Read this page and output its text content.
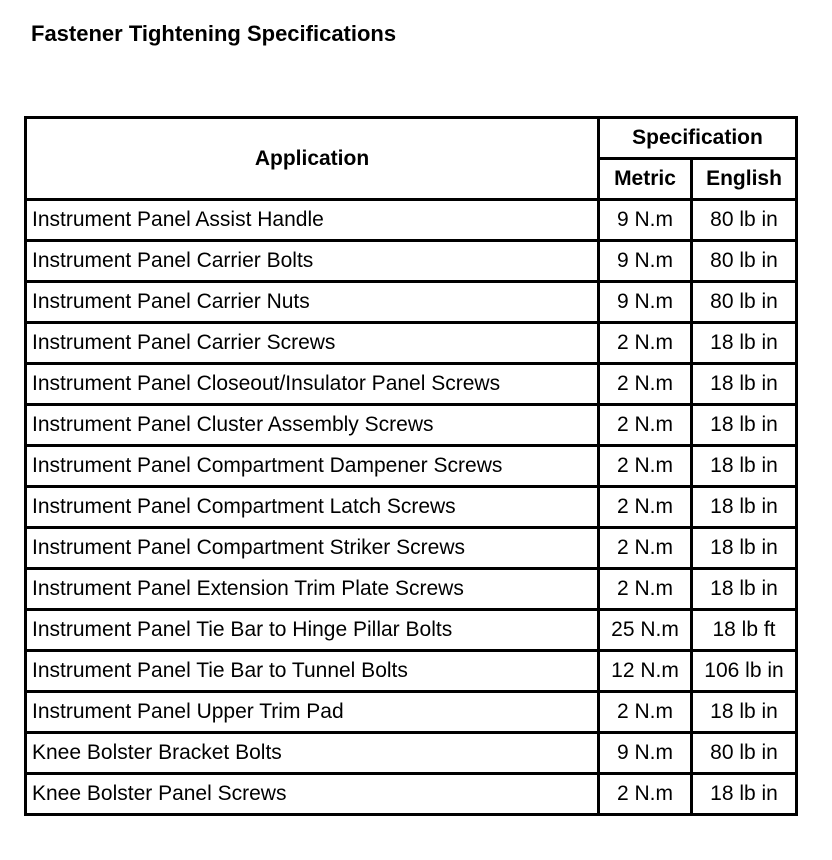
Fastener Tightening Specifications
Application	Specification	
	Metric	English
Instrument Panel Assist Handle	9 N.m	80 lb in
Instrument Panel Carrier Bolts	9 N.m	80 lb in
Instrument Panel Carrier Nuts	9 N.m	80 lb in
Instrument Panel Carrier Screws	2 N.m	18 lb in
Instrument Panel Closeout/Insulator Panel Screws	2 N.m	18 lb in
Instrument Panel Cluster Assembly Screws	2 N.m	18 lb in
Instrument Panel Compartment Dampener Screws	2 N.m	18 lb in
Instrument Panel Compartment Latch Screws	2 N.m	18 lb in
Instrument Panel Compartment Striker Screws	2 N.m	18 lb in
Instrument Panel Extension Trim Plate Screws	2 N.m	18 lb in
Instrument Panel Tie Bar to Hinge Pillar Bolts	25 N.m	18 lb ft
Instrument Panel Tie Bar to Tunnel Bolts	12 N.m	106 lb in
Instrument Panel Upper Trim Pad	2 N.m	18 lb in
Knee Bolster Bracket Bolts	9 N.m	80 lb in
Knee Bolster Panel Screws	2 N.m	18 lb in
